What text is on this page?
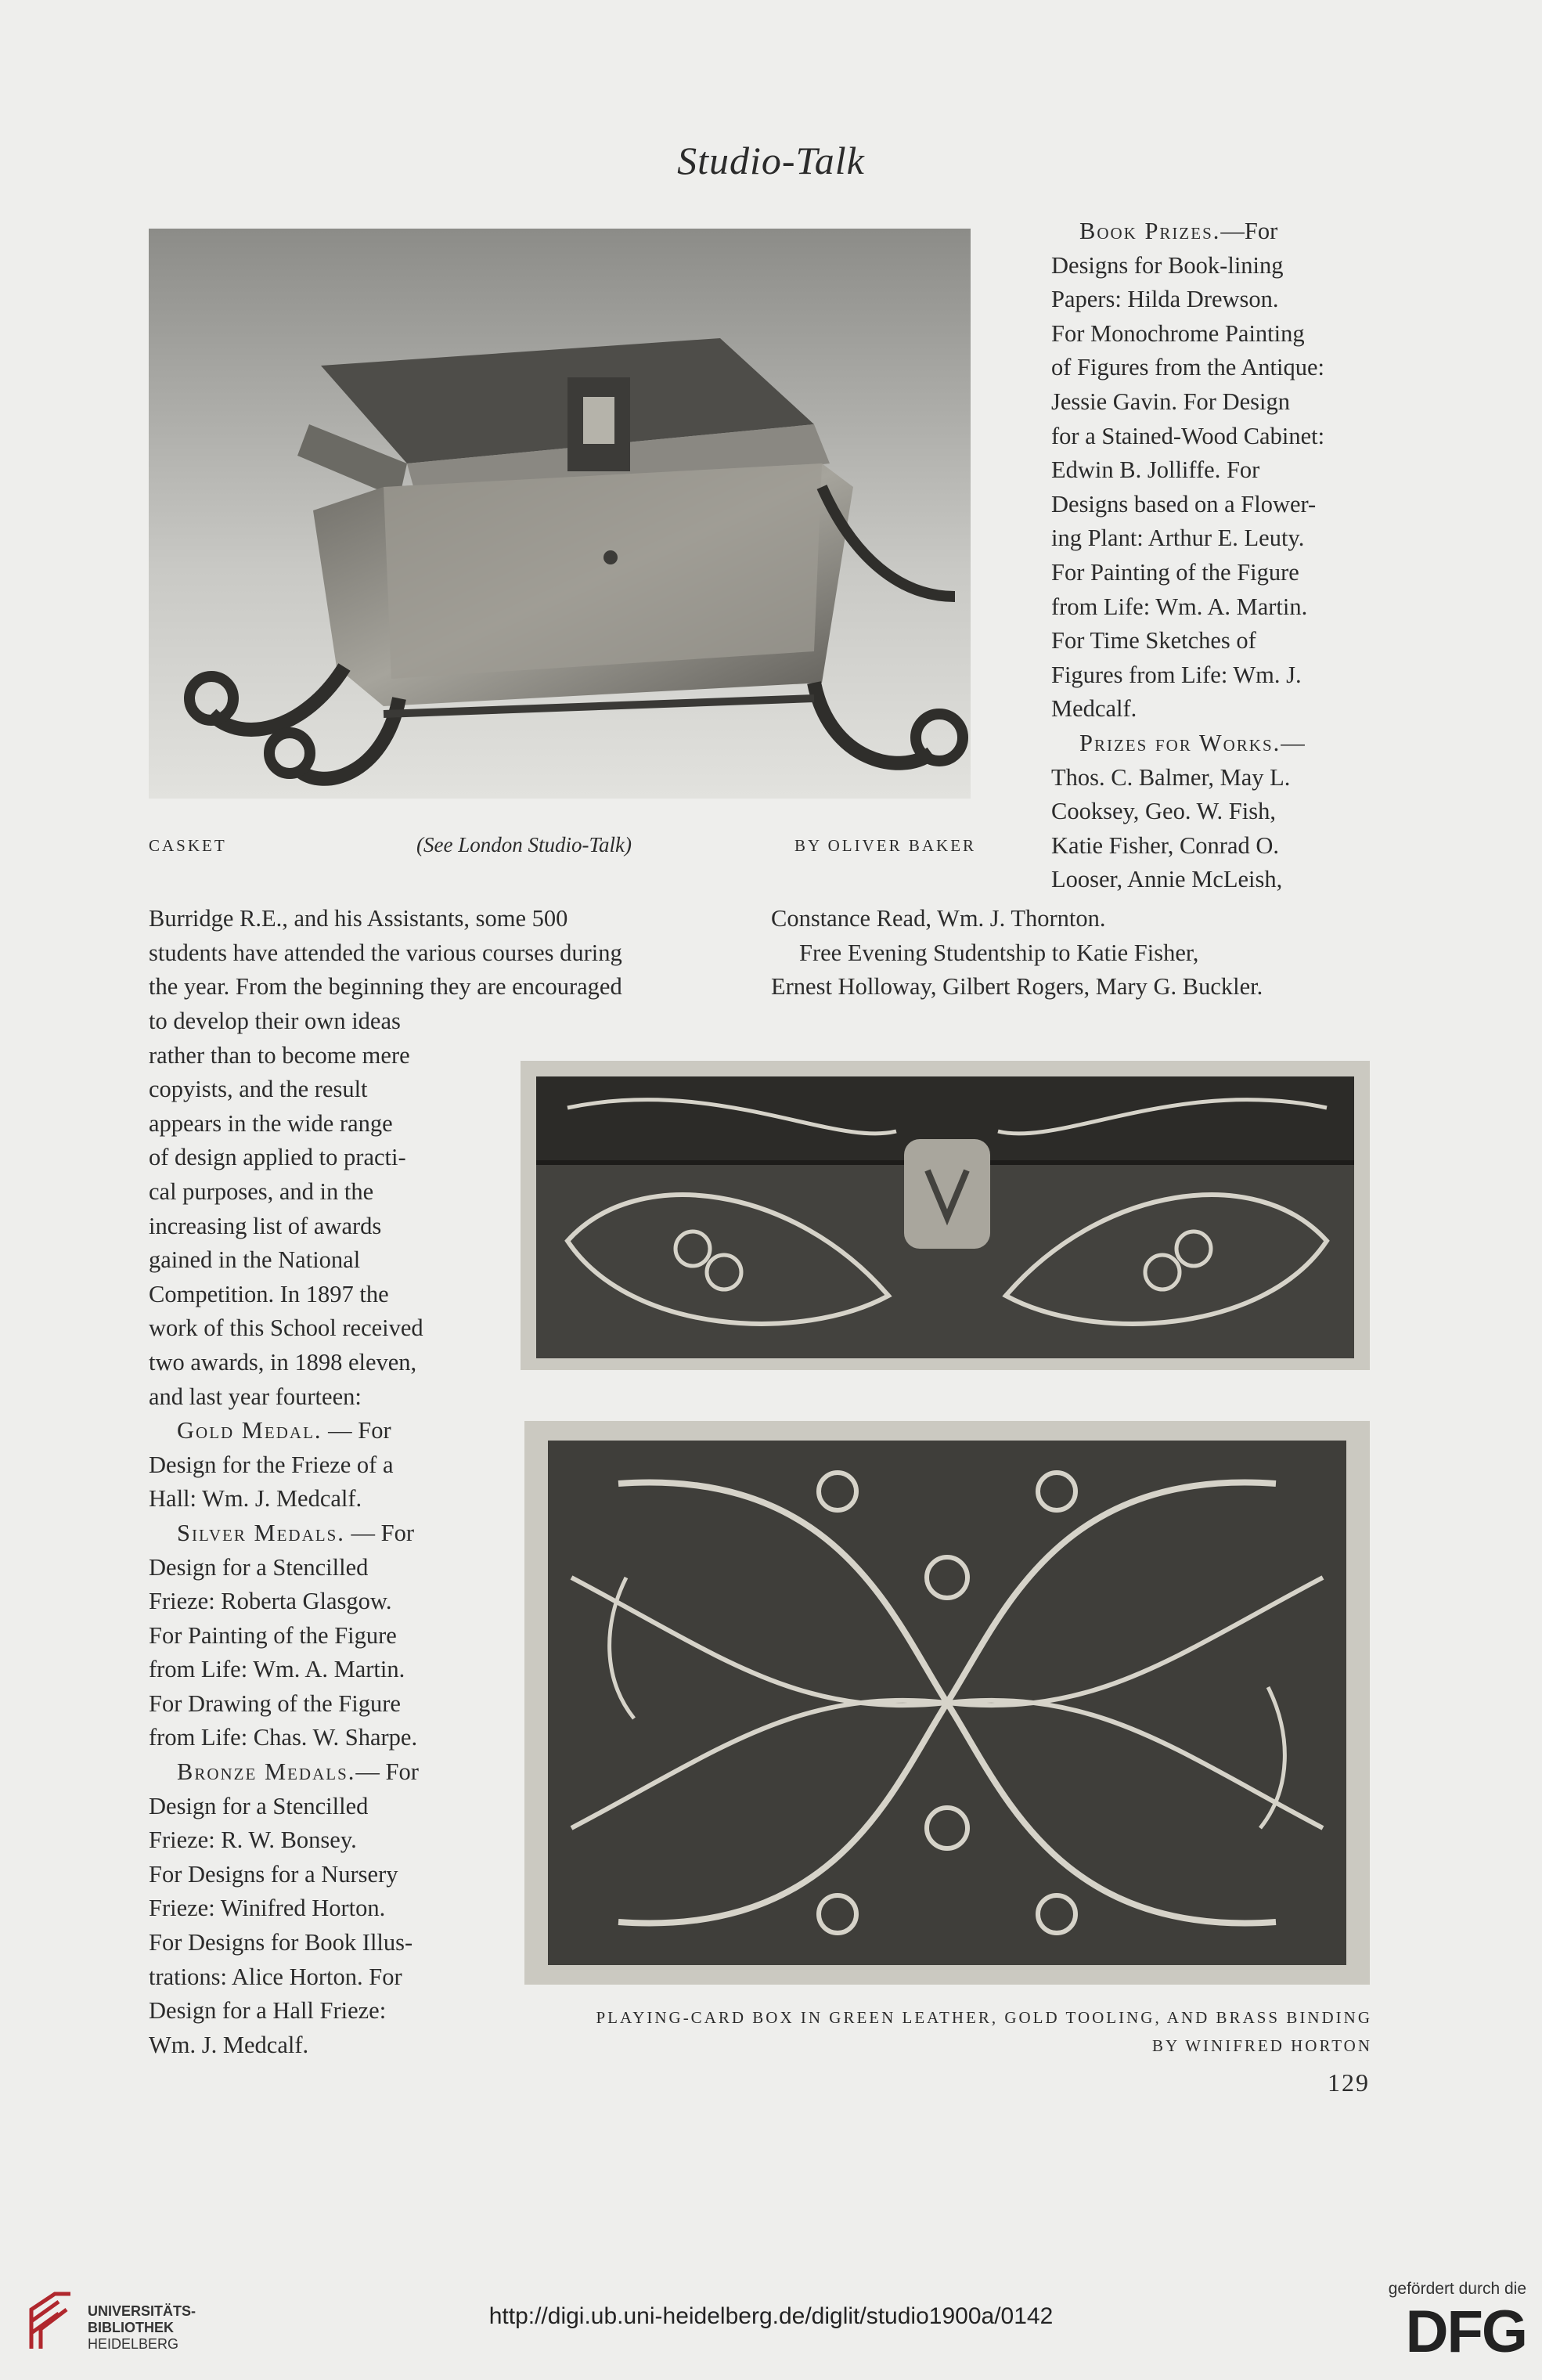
Studio-Talk
CASKET	(See London Studio-Talk)	BY OLIVER BAKER

Book Prizes.—For

Designs for Book-lining

Papers: Hilda Drewson.

For Monochrome Painting

of Figures from the Antique:

Jessie Gavin. For Design

for a Stained-Wood Cabinet:

Edwin B. Jolliffe. For

Designs based on a Flower-

ing Plant: Arthur E. Leuty.

For Painting of the Figure

from Life: Wm. A. Martin.

For Time Sketches of

Figures from Life: Wm. J.

Medcalf.

Prizes for Works.—

Thos. C. Balmer, May L.

Cooksey, Geo. W. Fish,

Katie Fisher, Conrad O.

Looser, Annie McLeish,

Burridge R.E., and his Assistants, some 500

students have attended the various courses during

the year. From the beginning they are encouraged

Constance Read, Wm. J. Thornton.

Free Evening Studentship to Katie Fisher,

Ernest Holloway, Gilbert Rogers, Mary G. Buckler.

to develop their own ideas

rather than to become mere

copyists, and the result

appears in the wide range

of design applied to practi-

cal purposes, and in the

increasing list of awards

gained in the National

Competition. In 1897 the

work of this School received

two awards, in 1898 eleven,

and last year fourteen:

Gold Medal. — For

Design for the Frieze of a

Hall: Wm. J. Medcalf.

Silver Medals. — For

Design for a Stencilled

Frieze: Roberta Glasgow.

For Painting of the Figure

from Life: Wm. A. Martin.

For Drawing of the Figure

from Life: Chas. W. Sharpe.

Bronze Medals.— For

Design for a Stencilled

Frieze: R. W. Bonsey.

For Designs for a Nursery

Frieze: Winifred Horton.

For Designs for Book Illus-

trations: Alice Horton. For

Design for a Hall Frieze:

Wm. J. Medcalf.

PLAYING-CARD BOX IN GREEN LEATHER, GOLD TOOLING, AND BRASS BINDING
BY WINIFRED HORTON
129
UNIVERSITÄTS-
BIBLIOTHEK
HEIDELBERG
http://digi.ub.uni-heidelberg.de/diglit/studio1900a/0142
gefördert durch die
DFG
